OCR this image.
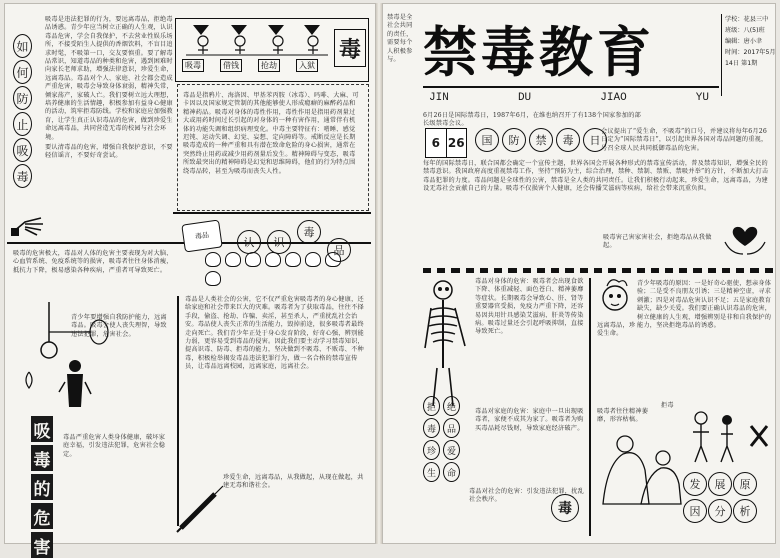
如
何
防
止
吸
毒
吸毒是违法犯罪的行为，要远离毒品，拒绝毒品诱惑。青少年应当树立正确的人生观，认识毒品危害，学会自我保护，不去营业性娱乐场所，不接受陌生人提供的香烟饮料，不盲目追求时髦，不吸第一口，交友要慎重。要了解毒品常识，知道毒品的种类和危害，遇到困难时向家长老师求助，增强法律意识，珍爱生命，远离毒品。毒品对个人、家庭、社会都会造成严重危害，吸毒会导致身体衰弱，精神失常，倾家荡产，家破人亡。我们要树立远大理想，培养健康的生活情趣，积极参加有益身心健康的活动，筑牢拒毒防线。学校和家庭应加强教育，让学生真正认识毒品的危害，做到珍爱生命远离毒品，共同营造无毒的校园与社会环境。
要认清毒品的危害，增强自我保护意识，不要轻信谣言，不要好奇尝试。
吸毒	借钱	抢劫	入狱
毒
毒品是指鸦片、海洛因、甲基苯丙胺（冰毒）、吗啡、大麻、可卡因以及国家规定管制的其他能够使人形成瘾癖的麻醉药品和精神药品。吸毒对身体的毒性作用，毒性作用是指用药剂量过大或用药时间过长引起的对身体的一种有害作用，通常伴有机体的功能失调和组织病理变化。中毒主要特征有：嗜睡、感觉迟钝、运动失调、幻觉、妄想、定向障碍等。戒断反应是长期吸毒造成的一种严重和具有潜在致命危险的身心损害，通常在突然终止用药或减少用药剂量后发生。精神障碍与变态，吸毒所致最突出的精神障碍是幻觉和思维障碍，他们的行为特点围绕毒品转，甚至为吸毒而丧失人性。
毒品	认	识
毒
品
吸毒的危害极大，毒品对人体的危害主要表现为对大脑、心血管系统、免疫系统等的损害，吸毒者往往身体消瘦，抵抗力下降，极易感染各种疾病，严重者可导致死亡。
青少年要增强自我防护能力，远离毒品。吸毒会使人丧失理智，导致违法犯罪，危害社会。
吸
毒
的
危
害
毒品严重危害人类身体健康，破坏家庭幸福，引发违法犯罪，危害社会稳定。
毒品是人类社会的公害，它不仅严重危害吸毒者的身心健康，还给家庭和社会带来巨大的灾难。吸毒者为了获取毒品，往往不择手段，偷盗、抢劫、诈骗、卖淫，甚至杀人，严重扰乱社会治安。毒品使人丧失正常的生活能力，毁掉前途，很多吸毒者最终走向死亡。我们青少年正处于身心发育阶段，好奇心强，辨别能力弱，更容易受到毒品的侵害。因此我们要主动学习禁毒知识，提高识毒、防毒、拒毒的能力，坚决做到不吸毒、不贩毒、不种毒，积极检举揭发毒品违法犯罪行为，做一名合格的禁毒宣传员，让毒品远离校园，远离家庭，远离社会。
珍爱生命，远离毒品，从我做起，从现在做起，共建无毒和谐社会。
禁毒是全社会共同的责任，需要每个人积极参与。 禁毒教育
JIN	DU	JIAO	YU
学校：花县三中
班级：八(5)班
编辑：唐小聿
时间：2017年5月
14日 第1期
6 26	国	防	禁	毒	日
6月26日是国际禁毒日，1987年6月，在维也纳召开了有138个国家参加的部长级禁毒会议。
会议提出了“爱生命，不吸毒”的口号，并建议将每年6月26日定为“国际禁毒日”，以引起世界各国对毒品问题的重视，号召全球人民共同抵御毒品的危害。
每年的国际禁毒日，联合国都会确定一个宣传主题，世界各国会开展各种形式的禁毒宣传活动，普及禁毒知识，增强全民的禁毒意识。我国政府高度重视禁毒工作，坚持“预防为主，综合治理，禁种、禁制、禁贩、禁吸并举”的方针，不断加大打击毒品犯罪的力度。毒品问题是全球性的公害，禁毒是全人类的共同责任。让我们积极行动起来，珍爱生命，远离毒品，为建设无毒社会贡献自己的力量。吸毒不仅损害个人健康，还会传播艾滋病等疾病，给社会带来沉重负担。
吸毒害己害家害社会，拒绝毒品从我做起。
拒	绝
毒	品
珍	爱
生	命
毒品对身体的危害：吸毒者会出现食欲下降、体重减轻、面色苍白、精神萎靡等症状。长期吸毒会导致心、肝、肾等重要器官受损，免疫力严重下降，还容易因共用针具感染艾滋病、肝炎等传染病。吸毒过量还会引起呼吸抑制，直接导致死亡。
毒品对家庭的危害：家庭中一旦出现吸毒者，家便不成其为家了。吸毒者为购买毒品耗尽钱财，导致家庭经济破产。
毒品对社会的危害：引发违法犯罪，扰乱社会秩序。
毒
青少年吸毒的原因：一是好奇心驱使，想亲身体验；二是受不良朋友引诱；三是精神空虚，寻求刺激；四是对毒品危害认识不足；五是家庭教育缺失，缺少关爱。我们要正确认识毒品的危害，树立健康的人生观，增强辨别是非和自我保护的能力，坚决拒绝毒品的诱惑。
远离毒品，珍爱生命。
吸毒者往往精神萎靡，形容枯槁。
发	展	原
因	分	析
拒毒
